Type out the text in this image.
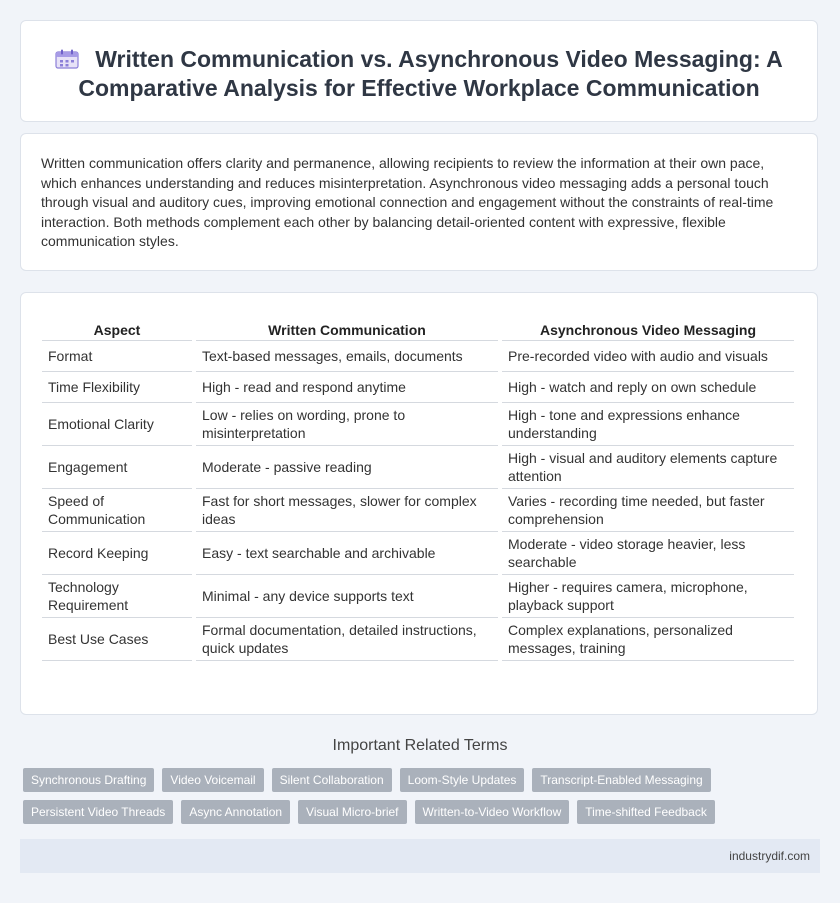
Written Communication vs. Asynchronous Video Messaging: A Comparative Analysis for Effective Workplace Communication

Written communication offers clarity and permanence, allowing recipients to review the information at their own pace, which enhances understanding and reduces misinterpretation. Asynchronous video messaging adds a personal touch through visual and auditory cues, improving emotional connection and engagement without the constraints of real-time interaction. Both methods complement each other by balancing detail-oriented content with expressive, flexible communication styles.

Aspect	Written Communication	Asynchronous Video Messaging
Format	Text-based messages, emails, documents	Pre-recorded video with audio and visuals
Time Flexibility	High - read and respond anytime	High - watch and reply on own schedule
Emotional Clarity	Low - relies on wording, prone to misinterpretation	High - tone and expressions enhance understanding
Engagement	Moderate - passive reading	High - visual and auditory elements capture attention
Speed of Communication	Fast for short messages, slower for complex ideas	Varies - recording time needed, but faster comprehension
Record Keeping	Easy - text searchable and archivable	Moderate - video storage heavier, less searchable
Technology Requirement	Minimal - any device supports text	Higher - requires camera, microphone, playback support
Best Use Cases	Formal documentation, detailed instructions, quick updates	Complex explanations, personalized messages, training
Important Related Terms
Synchronous Drafting	Video Voicemail	Silent Collaboration	Loom-Style Updates	Transcript-Enabled Messaging
Persistent Video Threads	Async Annotation	Visual Micro-brief	Written-to-Video Workflow	Time-shifted Feedback
industrydif.com
